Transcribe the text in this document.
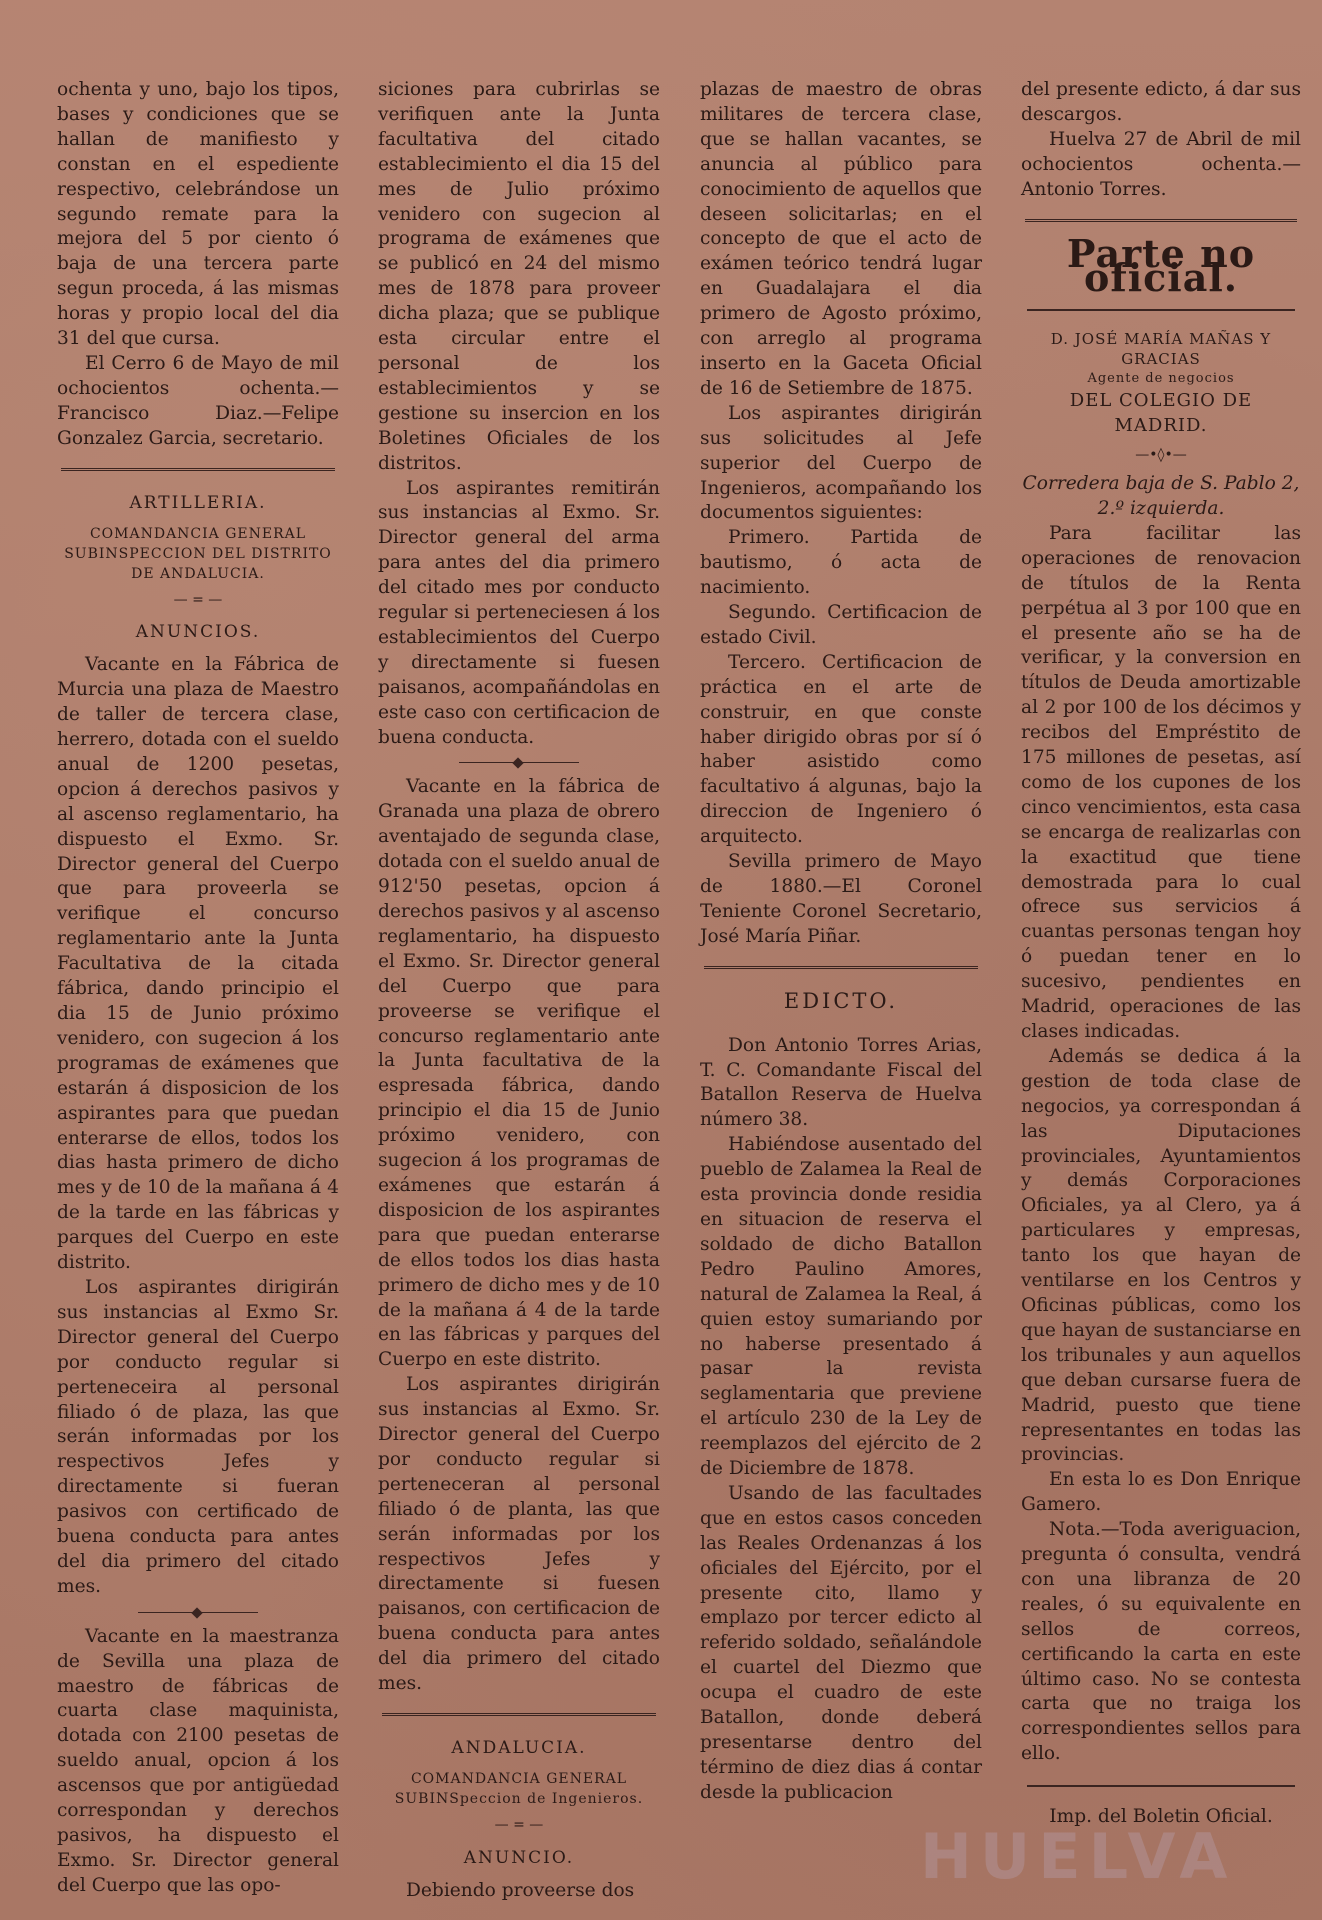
ochenta y uno, bajo los tipos, bases y condiciones que se hallan de manifiesto y constan en el espediente respectivo, celebrándose un segundo remate para la mejora del 5 por ciento ó baja de una tercera parte segun proceda, á las mismas horas y propio local del dia 31 del que cursa.

El Cerro 6 de Mayo de mil ochocientos ochenta.—Francisco Diaz.—Felipe Gonzalez Garcia, secretario.

ARTILLERIA.
COMANDANCIA GENERAL SUBINSPECCION DEL DISTRITO DE ANDALUCIA.
— = —
ANUNCIOS.

Vacante en la Fábrica de Murcia una plaza de Maestro de taller de tercera clase, herrero, dotada con el sueldo anual de 1200 pesetas, opcion á derechos pasivos y al ascenso reglamentario, ha dispuesto el Exmo. Sr. Director general del Cuerpo que para proveerla se verifique el concurso reglamentario ante la Junta Facultativa de la citada fábrica, dando principio el dia 15 de Junio próximo venidero, con sugecion á los programas de exámenes que estarán á disposicion de los aspirantes para que puedan enterarse de ellos, todos los dias hasta primero de dicho mes y de 10 de la mañana á 4 de la tarde en las fábricas y parques del Cuerpo en este distrito.

Los aspirantes dirigirán sus instancias al Exmo Sr. Director general del Cuerpo por conducto regular si perteneceira al personal filiado ó de plaza, las que serán informadas por los respectivos Jefes y directamente si fueran pasivos con certificado de buena conducta para antes del dia primero del citado mes.

Vacante en la maestranza de Sevilla una plaza de maestro de fábricas de cuarta clase maquinista, dotada con 2100 pesetas de sueldo anual, opcion á los ascensos que por antigüedad correspondan y derechos pasivos, ha dispuesto el Exmo. Sr. Director general del Cuerpo que las opo-

siciones para cubrirlas se verifiquen ante la Junta facultativa del citado establecimiento el dia 15 del mes de Julio próximo venidero con sugecion al programa de exámenes que se publicó en 24 del mismo mes de 1878 para proveer dicha plaza; que se publique esta circular entre el personal de los establecimientos y se gestione su insercion en los Boletines Oficiales de los distritos.

Los aspirantes remitirán sus instancias al Exmo. Sr. Director general del arma para antes del dia primero del citado mes por conducto regular si perteneciesen á los establecimientos del Cuerpo y directamente si fuesen paisanos, acompañándolas en este caso con certificacion de buena conducta.

Vacante en la fábrica de Granada una plaza de obrero aventajado de segunda clase, dotada con el sueldo anual de 912'50 pesetas, opcion á derechos pasivos y al ascenso reglamentario, ha dispuesto el Exmo. Sr. Director general del Cuerpo que para proveerse se verifique el concurso reglamentario ante la Junta facultativa de la espresada fábrica, dando principio el dia 15 de Junio próximo venidero, con sugecion á los programas de exámenes que estarán á disposicion de los aspirantes para que puedan enterarse de ellos todos los dias hasta primero de dicho mes y de 10 de la mañana á 4 de la tarde en las fábricas y parques del Cuerpo en este distrito.

Los aspirantes dirigirán sus instancias al Exmo. Sr. Director general del Cuerpo por conducto regular si perteneceran al personal filiado ó de planta, las que serán informadas por los respectivos Jefes y directamente si fuesen paisanos, con certificacion de buena conducta para antes del dia primero del citado mes.

ANDALUCIA.
COMANDANCIA GENERAL SUBINSpeccion de Ingenieros.
— = —
ANUNCIO.

Debiendo proveerse dos

plazas de maestro de obras militares de tercera clase, que se hallan vacantes, se anuncia al público para conocimiento de aquellos que deseen solicitarlas; en el concepto de que el acto de exámen teórico tendrá lugar en Guadalajara el dia primero de Agosto próximo, con arreglo al programa inserto en la Gaceta Oficial de 16 de Setiembre de 1875.

Los aspirantes dirigirán sus solicitudes al Jefe superior del Cuerpo de Ingenieros, acompañando los documentos siguientes:

Primero. Partida de bautismo, ó acta de nacimiento.

Segundo. Certificacion de estado Civil.

Tercero. Certificacion de práctica en el arte de construir, en que conste haber dirigido obras por sí ó haber asistido como facultativo á algunas, bajo la direccion de Ingeniero ó arquitecto.

Sevilla primero de Mayo de 1880.—El Coronel Teniente Coronel Secretario, José María Piñar.

EDICTO.

Don Antonio Torres Arias, T. C. Comandante Fiscal del Batallon Reserva de Huelva número 38.

Habiéndose ausentado del pueblo de Zalamea la Real de esta provincia donde residia en situacion de reserva el soldado de dicho Batallon Pedro Paulino Amores, natural de Zalamea la Real, á quien estoy sumariando por no haberse presentado á pasar la revista seglamentaria que previene el artículo 230 de la Ley de reemplazos del ejército de 2 de Diciembre de 1878.

Usando de las facultades que en estos casos conceden las Reales Ordenanzas á los oficiales del Ejército, por el presente cito, llamo y emplazo por tercer edicto al referido soldado, señalándole el cuartel del Diezmo que ocupa el cuadro de este Batallon, donde deberá presentarse dentro del término de diez dias á contar desde la publicacion

del presente edicto, á dar sus descargos.

Huelva 27 de Abril de mil ochocientos ochenta.—Antonio Torres.

Parte no oficial.
D. JOSÉ MARÍA MAÑAS Y GRACIAS
Agente de negocios
DEL COLEGIO DE MADRID.
—•◊•—
Corredera baja de S. Pablo 2, 2.º izquierda.

Para facilitar las operaciones de renovacion de títulos de la Renta perpétua al 3 por 100 que en el presente año se ha de verificar, y la conversion en títulos de Deuda amortizable al 2 por 100 de los décimos y recibos del Empréstito de 175 millones de pesetas, así como de los cupones de los cinco vencimientos, esta casa se encarga de realizarlas con la exactitud que tiene demostrada para lo cual ofrece sus servicios á cuantas personas tengan hoy ó puedan tener en lo sucesivo, pendientes en Madrid, operaciones de las clases indicadas.

Además se dedica á la gestion de toda clase de negocios, ya correspondan á las Diputaciones provinciales, Ayuntamientos y demás Corporaciones Oficiales, ya al Clero, ya á particulares y empresas, tanto los que hayan de ventilarse en los Centros y Oficinas públicas, como los que hayan de sustanciarse en los tribunales y aun aquellos que deban cursarse fuera de Madrid, puesto que tiene representantes en todas las provincias.

En esta lo es Don Enrique Gamero.

Nota.—Toda averiguacion, pregunta ó consulta, vendrá con una libranza de 20 reales, ó su equivalente en sellos de correos, certificando la carta en este último caso. No se contesta carta que no traiga los correspondientes sellos para ello.

Imp. del Boletin Oficial.
HUELVA
